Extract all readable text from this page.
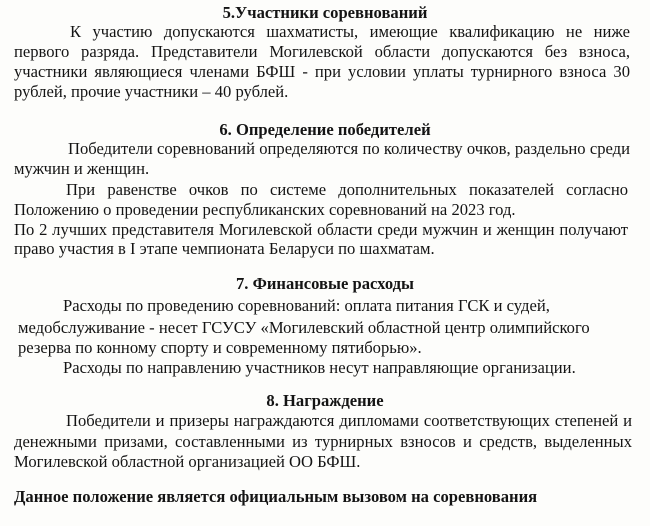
5.Участники соревнований
К участию допускаются шахматисты, имеющие квалификацию не ниже
первого разряда. Представители Могилевской области допускаются без взноса,
участники являющиеся членами БФШ - при условии уплаты турнирного взноса 30
рублей, прочие участники – 40 рублей.
6. Определение победителей
Победители соревнований определяются по количеству очков, раздельно среди
мужчин и женщин.
При равенстве очков по системе дополнительных показателей согласно
Положению о проведении республиканских соревнований на 2023 год.
По 2 лучших представителя Могилевской области среди мужчин и женщин получают
право участия в I этапе чемпионата Беларуси по шахматам.
7. Финансовые расходы
Расходы по проведению соревнований: оплата питания ГСК и судей,
медобслуживание - несет ГСУСУ «Могилевский областной центр олимпийского
резерва по конному спорту и современному пятиборью».
Расходы по направлению участников несут направляющие организации.
8. Награждение
Победители и призеры награждаются дипломами соответствующих степеней и
денежными призами, составленными из турнирных взносов и средств, выделенных
Могилевской областной организацией ОО БФШ.
Данное положение является официальным вызовом на соревнования
